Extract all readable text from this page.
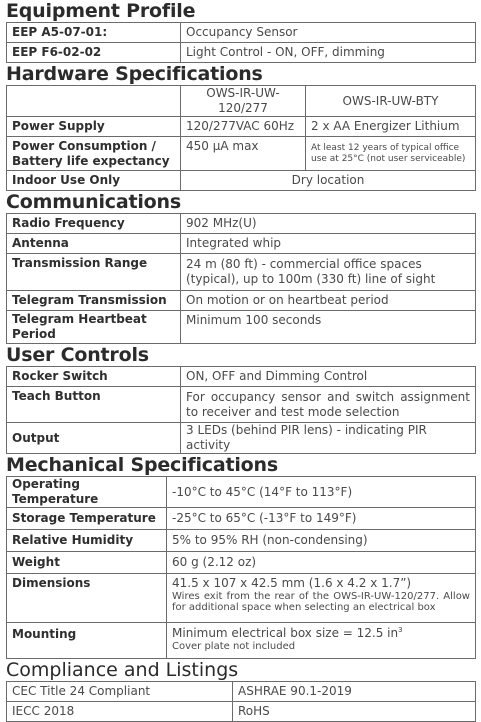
Equipment Profile
EEP A5-07-01:	Occupancy Sensor
EEP F6-02-02	Light Control - ON, OFF, dimming
Hardware Specifications
	OWS-IR-UW-120/277	OWS-IR-UW-BTY
Power Supply	120/277VAC 60Hz	2 x AA Energizer Lithium
Power Consumption / Battery life expectancy	450 μA max	At least 12 years of typical office use at 25°C (not user serviceable)
Indoor Use Only	Dry location	
Communications
Radio Frequency	902 MHz(U)
Antenna	Integrated whip
Transmission Range	24 m (80 ft) - commercial office spaces (typical), up to 100m (330 ft) line of sight
Telegram Transmission	On motion or on heartbeat period
Telegram Heartbeat Period	Minimum 100 seconds
User Controls
Rocker Switch	ON, OFF and Dimming Control
Teach Button	For occupancy sensor and switch assignment to receiver and test mode selection
Output	3 LEDs (behind PIR lens) - indicating PIR activity
Mechanical Specifications
Operating Temperature	-10°C to 45°C (14°F to 113°F)
Storage Temperature	-25°C to 65°C (-13°F to 149°F)
Relative Humidity	5% to 95% RH (non-condensing)
Weight	60 g (2.12 oz)
Dimensions	41.5 x 107 x 42.5 mm (1.6 x 4.2 x 1.7”)
Wires exit from the rear of the OWS-IR-UW-120/277. Allow for additional space when selecting an electrical box

Mounting	Minimum electrical box size = 12.5 $in^3$
Cover plate not included
Compliance and Listings
CEC Title 24 Compliant	ASHRAE 90.1-2019
IECC 2018	RoHS
